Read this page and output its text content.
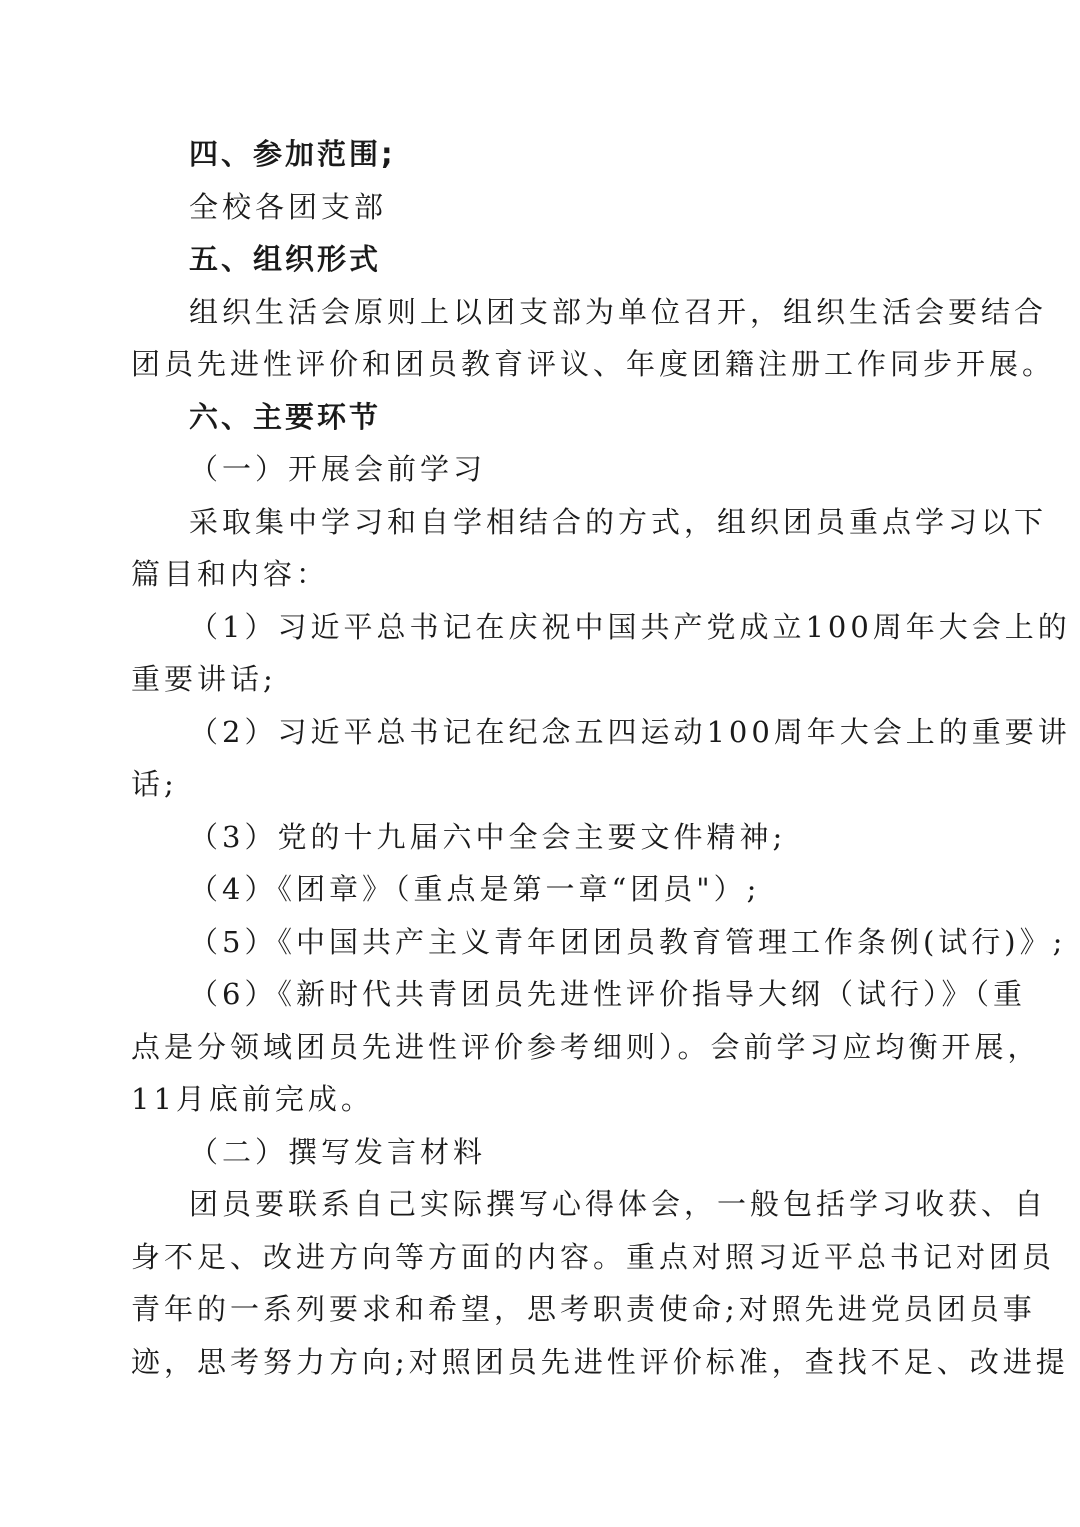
四、参加范围;
全校各团支部
五、组织形式
组织生活会原则上以团支部为单位召开，组织生活会要结合
团员先进性评价和团员教育评议、年度团籍注册工作同步开展。
六、主要环节
（一）开展会前学习
采取集中学习和自学相结合的方式，组织团员重点学习以下
篇目和内容：
（1）习近平总书记在庆祝中国共产党成立100周年大会上的
重要讲话;
（2）习近平总书记在纪念五四运动100周年大会上的重要讲
话;
（3）党的十九届六中全会主要文件精神;
（4）《团章》（重点是第一章“团员"）;
（5）《中国共产主义青年团团员教育管理工作条例(试行)》;
（6）《新时代共青团员先进性评价指导大纲（试行）》（重
点是分领域团员先进性评价参考细则）。会前学习应均衡开展，
11月底前完成。
（二）撰写发言材料
团员要联系自己实际撰写心得体会，一般包括学习收获、自
身不足、改进方向等方面的内容。重点对照习近平总书记对团员
青年的一系列要求和希望，思考职责使命;对照先进党员团员事
迹，思考努力方向;对照团员先进性评价标准，查找不足、改进提
